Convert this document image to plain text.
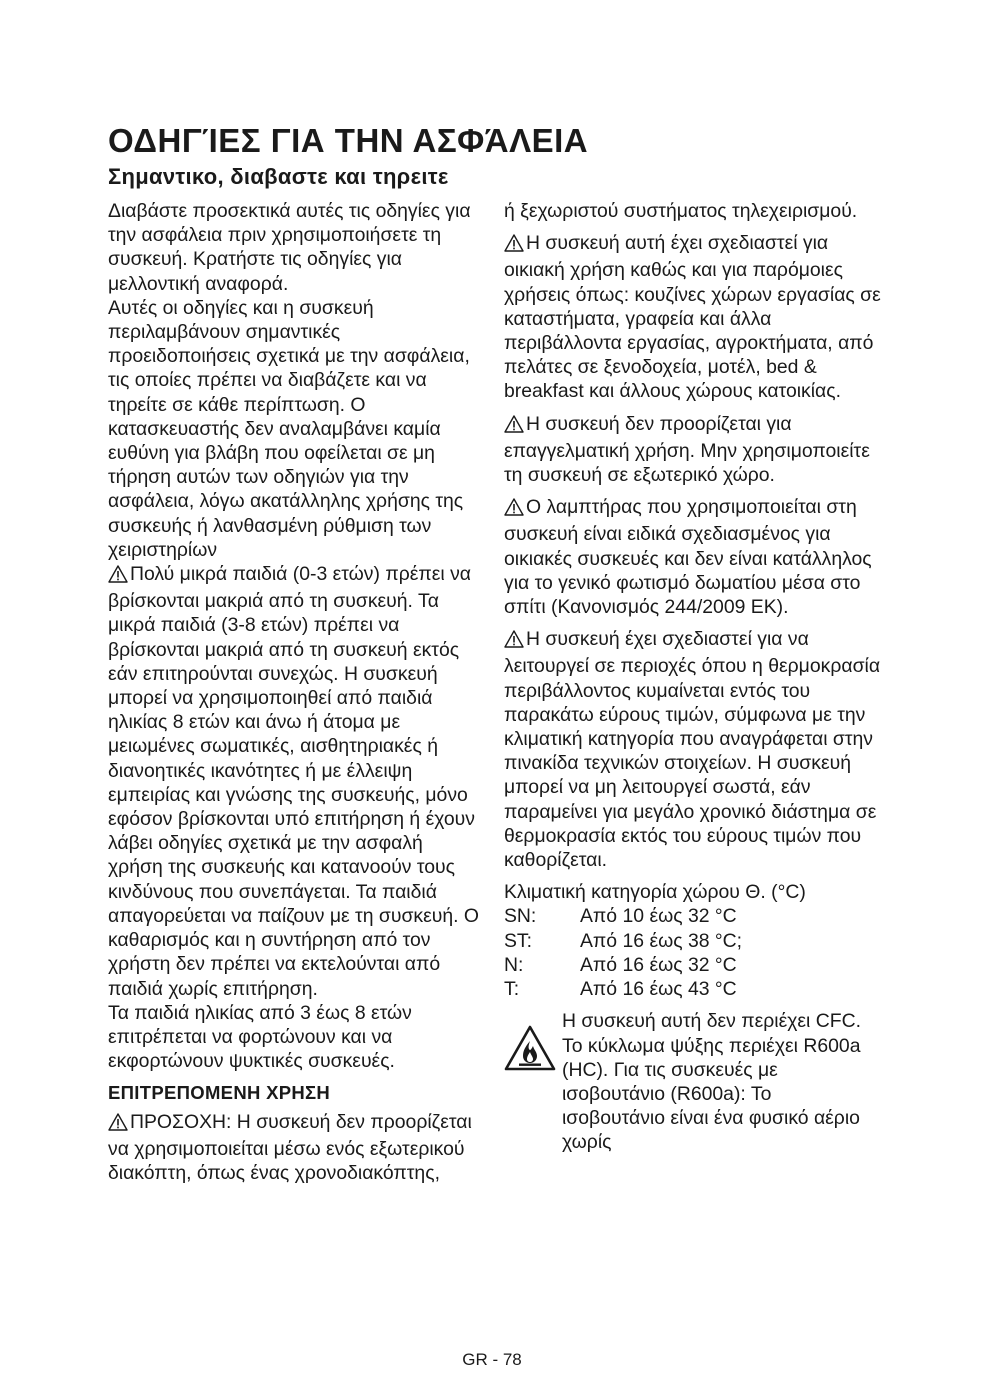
ΟΔΗΓΊΕΣ ΓΙΑ ΤΗΝ ΑΣΦΆΛΕΙΑ
Σημαντικο, διαβαστε και τηρειτε

Διαβάστε προσεκτικά αυτές τις οδηγίες για την ασφάλεια πριν χρησιμοποιήσετε τη συσκευή. Κρατήστε τις οδηγίες για μελλοντική αναφορά.

Αυτές οι οδηγίες και η συσκευή περιλαμβάνουν σημαντικές προειδοποιήσεις σχετικά με την ασφάλεια, τις οποίες πρέπει να διαβάζετε και να τηρείτε σε κάθε περίπτωση. Ο κατασκευαστής δεν αναλαμβάνει καμία ευθύνη για βλάβη που οφείλεται σε μη τήρηση αυτών των οδηγιών για την ασφάλεια, λόγω ακατάλληλης χρήσης της συσκευής ή λανθασμένη ρύθμιση των χειριστηρίων

Πολύ μικρά παιδιά (0-3 ετών) πρέπει να βρίσκονται μακριά από τη συσκευή. Τα μικρά παιδιά (3-8 ετών) πρέπει να βρίσκονται μακριά από τη συσκευή εκτός εάν επιτηρούνται συνεχώς. Η συσκευή μπορεί να χρησιμοποιηθεί από παιδιά ηλικίας 8 ετών και άνω ή άτομα με μειωμένες σωματικές, αισθητηριακές ή διανοητικές ικανότητες ή με έλλειψη εμπειρίας και γνώσης της συσκευής, μόνο εφόσον βρίσκονται υπό επιτήρηση ή έχουν λάβει οδηγίες σχετικά με την ασφαλή χρήση της συσκευής και κατανοούν τους κινδύνους που συνεπάγεται. Τα παιδιά απαγορεύεται να παίζουν με τη συσκευή. Ο καθαρισμός και η συντήρηση από τον χρήστη δεν πρέπει να εκτελούνται από παιδιά χωρίς επιτήρηση.

Τα παιδιά ηλικίας από 3 έως 8 ετών επιτρέπεται να φορτώνουν και να εκφορτώνουν ψυκτικές συσκευές.

ΕΠΙΤΡΕΠΟΜΕΝΗ ΧΡΗΣΗ

ΠΡΟΣΟΧΗ: Η συσκευή δεν προορίζεται να χρησιμοποιείται μέσω ενός εξωτερικού διακόπτη, όπως ένας χρονοδιακόπτης,

ή ξεχωριστού συστήματος τηλεχειρισμού.

Η συσκευή αυτή έχει σχεδιαστεί για οικιακή χρήση καθώς και για παρόμοιες χρήσεις όπως: κουζίνες χώρων εργασίας σε καταστήματα, γραφεία και άλλα περιβάλλοντα εργασίας, αγροκτήματα, από πελάτες σε ξενοδοχεία, μοτέλ, bed & breakfast και άλλους χώρους κατοικίας.

Η συσκευή δεν προορίζεται για επαγγελματική χρήση. Μην χρησιμοποιείτε τη συσκευή σε εξωτερικό χώρο.

Ο λαμπτήρας που χρησιμοποιείται στη συσκευή είναι ειδικά σχεδιασμένος για οικιακές συσκευές και δεν είναι κατάλληλος για το γενικό φωτισμό δωματίου μέσα στο σπίτι (Κανονισμός 244/2009 ΕΚ).

Η συσκευή έχει σχεδιαστεί για να λειτουργεί σε περιοχές όπου η θερμοκρασία περιβάλλοντος κυμαίνεται εντός του παρακάτω εύρους τιμών, σύμφωνα με την κλιματική κατηγορία που αναγράφεται στην πινακίδα τεχνικών στοιχείων. Η συσκευή μπορεί να μη λειτουργεί σωστά, εάν παραμείνει για μεγάλο χρονικό διάστημα σε θερμοκρασία εκτός του εύρους τιμών που καθορίζεται.

Κλιματική κατηγορία χώρου Θ. (°C)

SN:	Από 10 έως 32 °C
ST:	Από 16 έως 38 °C;
N:	Από 16 έως 32 °C
T:	Από 16 έως 43 °C
Η συσκευή αυτή δεν περιέχει CFC. Το κύκλωμα ψύξης περιέχει R600a (HC). Για τις συσκευές με ισοβουτάνιο (R600a): Το ισοβουτάνιο είναι ένα φυσικό αέριο χωρίς
GR - 78
